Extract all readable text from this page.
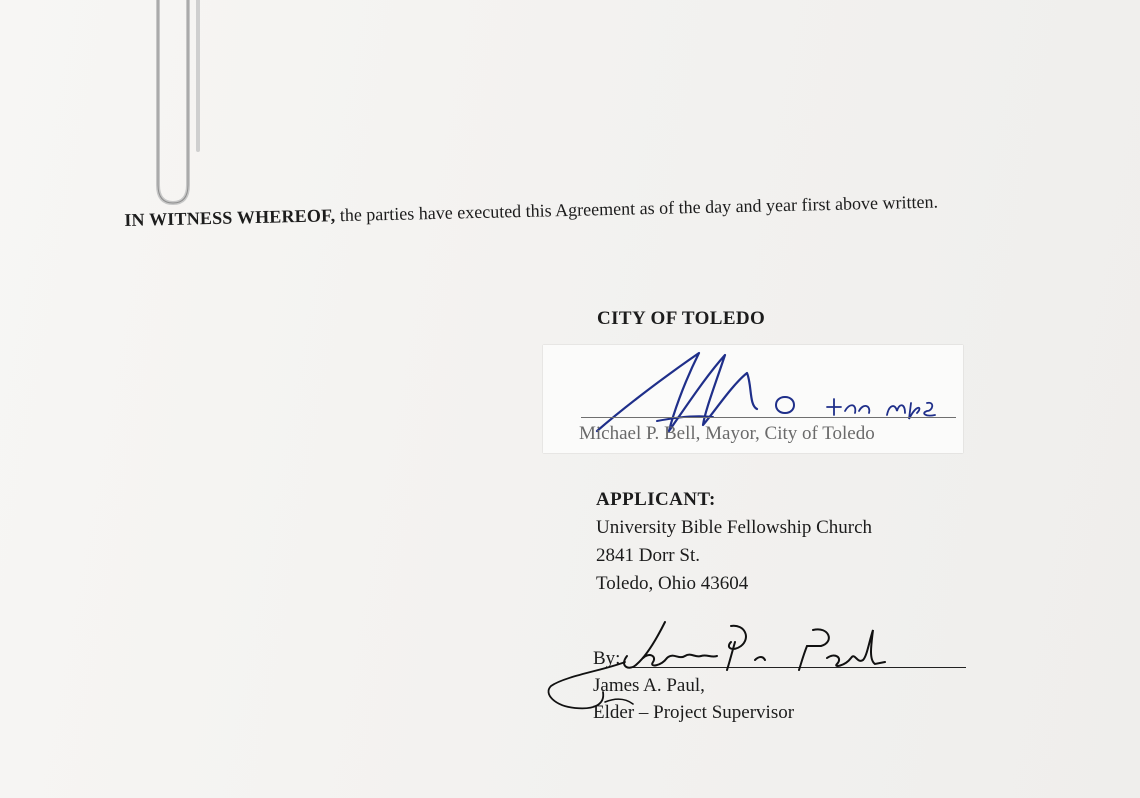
IN WITNESS WHEREOF, the parties have executed this Agreement as of the day and year first above written.
CITY OF TOLEDO
Michael P. Bell, Mayor, City of Toledo
APPLICANT:
University Bible Fellowship Church
2841 Dorr St.
Toledo, Ohio 43604
By:
James A. Paul,
Elder – Project Supervisor
